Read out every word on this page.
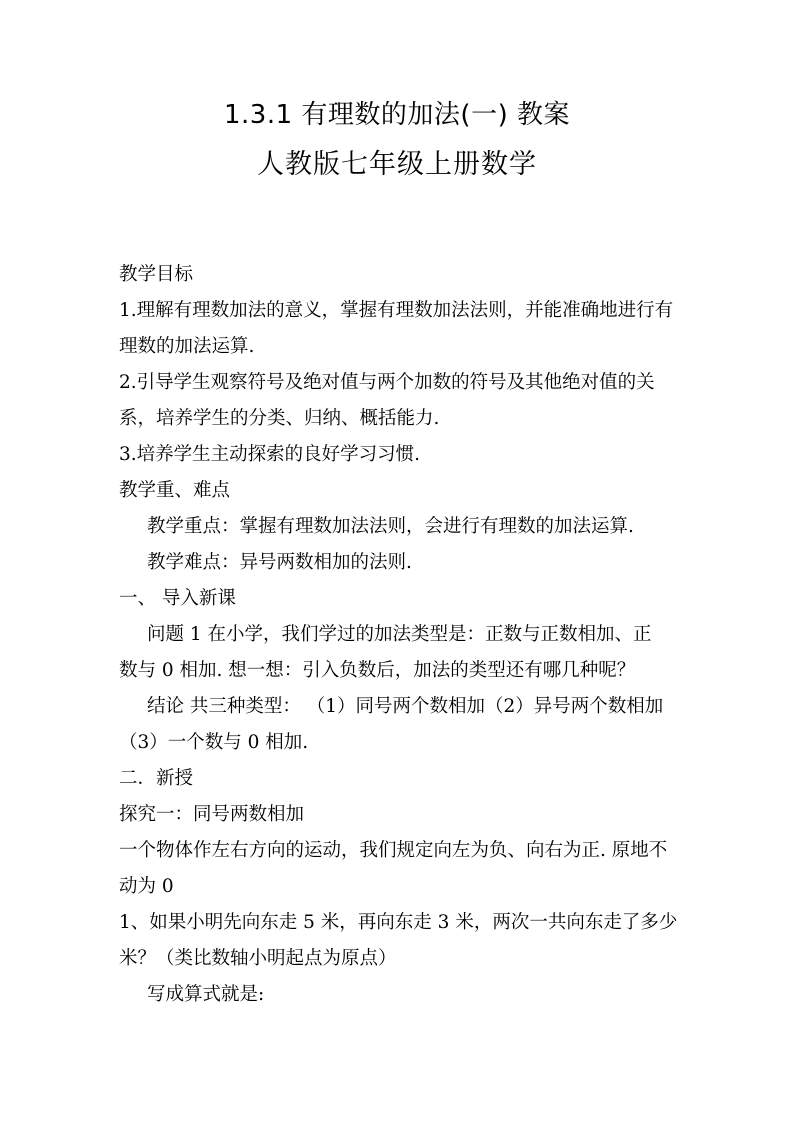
1.3.1 有理数的加法(一) 教案
人教版七年级上册数学
教学目标
1.理解有理数加法的意义，掌握有理数加法法则，并能准确地进行有
理数的加法运算.
2.引导学生观察符号及绝对值与两个加数的符号及其他绝对值的关
系，培养学生的分类、归纳、概括能力.
3.培养学生主动探索的良好学习习惯.
教学重、难点
教学重点：掌握有理数加法法则，会进行有理数的加法运算.
教学难点：异号两数相加的法则.
一、 导入新课
问题 1 在小学，我们学过的加法类型是：正数与正数相加、正
数与 0 相加. 想一想：引入负数后，加法的类型还有哪几种呢？
结论 共三种类型： （1）同号两个数相加（2）异号两个数相加
（3）一个数与 0 相加.
二．新授
探究一：同号两数相加
一个物体作左右方向的运动，我们规定向左为负、向右为正. 原地不
动为 0
1、如果小明先向东走 5 米，再向东走 3 米，两次一共向东走了多少
米？（类比数轴小明起点为原点）
写成算式就是:
